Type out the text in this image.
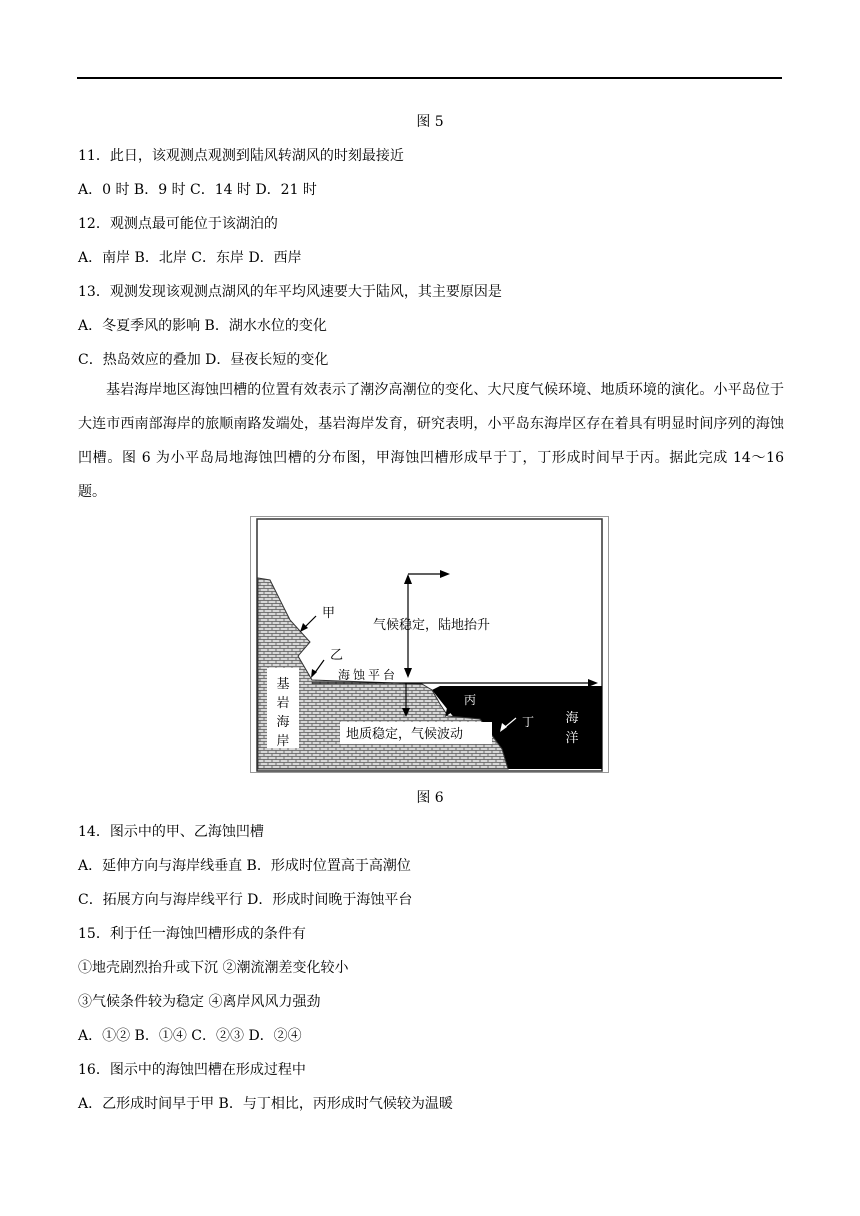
图 5
11．此日，该观测点观测到陆风转湖风的时刻最接近
A．0 时 B．9 时 C．14 时 D．21 时
12．观测点最可能位于该湖泊的
A．南岸 B．北岸 C．东岸 D．西岸
13．观测发现该观测点湖风的年平均风速要大于陆风，其主要原因是
A．冬夏季风的影响 B．湖水水位的变化
C．热岛效应的叠加 D．昼夜长短的变化
基岩海岸地区海蚀凹槽的位置有效表示了潮汐高潮位的变化、大尺度气候环境、地质环境的演化。小平岛位于大连市西南部海岸的旅顺南路发端处，基岩海岸发育，研究表明，小平岛东海岸区存在着具有明显时间序列的海蚀凹槽。图 6 为小平岛局地海蚀凹槽的分布图，甲海蚀凹槽形成早于丁，丁形成时间早于丙。据此完成 14～16 题。
基
岩
海
岸
甲
乙
气候稳定，陆地抬升
海 蚀 平 台
丙
丁
地质稳定，气候波动
海
洋
图 6
14．图示中的甲、乙海蚀凹槽
A．延伸方向与海岸线垂直 B．形成时位置高于高潮位
C．拓展方向与海岸线平行 D．形成时间晚于海蚀平台
15．利于任一海蚀凹槽形成的条件有
①地壳剧烈抬升或下沉 ②潮流潮差变化较小
③气候条件较为稳定 ④离岸风风力强劲
A．①② B．①④ C．②③ D．②④
16．图示中的海蚀凹槽在形成过程中
A．乙形成时间早于甲 B．与丁相比，丙形成时气候较为温暖
